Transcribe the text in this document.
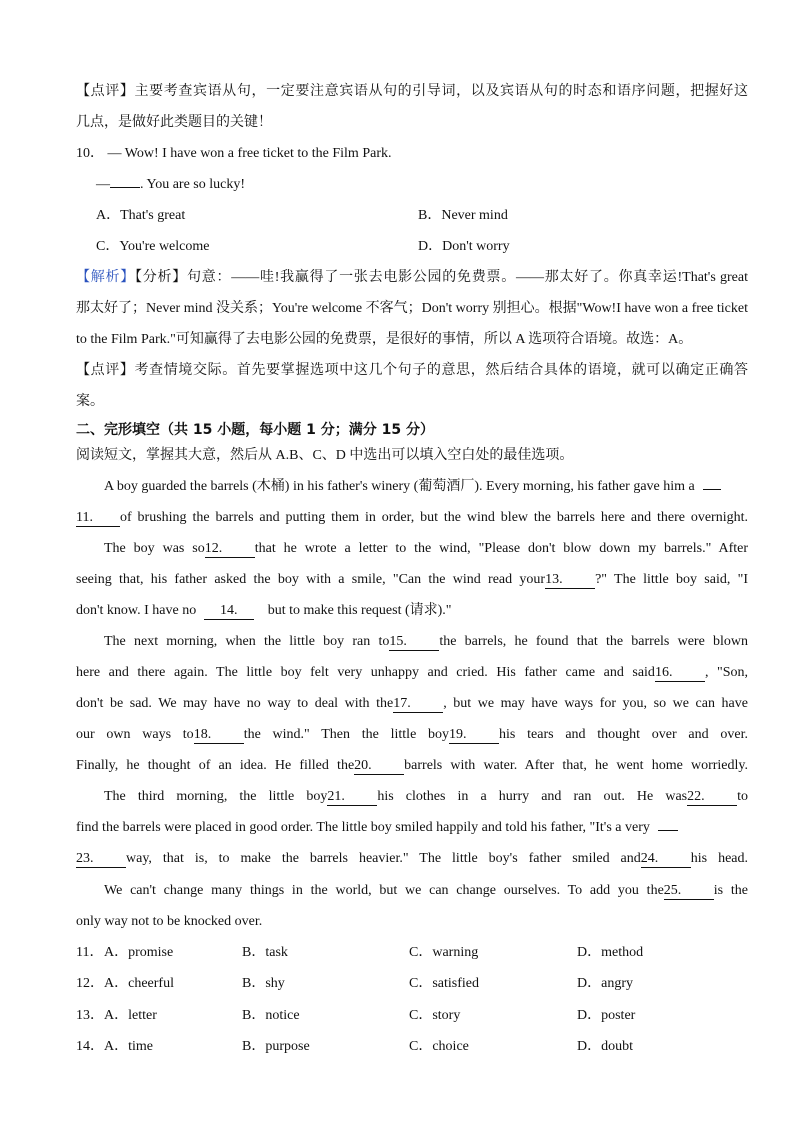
【点评】主要考查宾语从句，一定要注意宾语从句的引导词，以及宾语从句的时态和语序问题，把握好这
几点，是做好此类题目的关键！
10． — Wow! I have won a free ticket to the Film Park.
— . You are so lucky!
A．That's great	B．Never mind
C．You're welcome	D．Don't worry
【解析】【分析】句意：——哇!我赢得了一张去电影公园的免费票。——那太好了。你真幸运!That's great
那太好了；Never mind 没关系；You're welcome 不客气；Don't worry 别担心。根据"Wow!I have won a free ticket
to the Film Park."可知赢得了去电影公园的免费票，是很好的事情，所以 A 选项符合语境。故选：A。
【点评】考查情境交际。首先要掌握选项中这几个句子的意思，然后结合具体的语境，就可以确定正确答
案。
二、完形填空（共 15 小题，每小题 1 分；满分 15 分）
阅读短文，掌握其大意，然后从 A.B、C、D 中选出可以填入空白处的最佳选项。
A boy guarded the barrels (木桶) in his father's winery (葡萄酒厂). Every morning, his father gave him a
11. of brushing the barrels and putting them in order, but the wind blew the barrels here and there overnight.
The boy was so12. that he wrote a letter to the wind, "Please don't blow down my barrels." After
seeing that, his father asked the boy with a smile, "Can the wind read your13. ?" The little boy said, "I
don't know. I have no 14. but to make this request (请求)."
The next morning, when the little boy ran to15. the barrels, he found that the barrels were blown
here and there again. The little boy felt very unhappy and cried. His father came and said16. , "Son,
don't be sad. We may have no way to deal with the17. , but we may have ways for you, so we can have
our own ways to18. the wind." Then the little boy19. his tears and thought over and over.
Finally, he thought of an idea. He filled the20. barrels with water. After that, he went home worriedly.
The third morning, the little boy21. his clothes in a hurry and ran out. He was22. to
find the barrels were placed in good order. The little boy smiled happily and told his father, "It's a very
23. way, that is, to make the barrels heavier." The little boy's father smiled and24. his head.
We can't change many things in the world, but we can change ourselves. To add you the25. is the
only way not to be knocked over.
11． A．promise	B．task	C．warning	D．method
12． A．cheerful	B．shy	C．satisfied	D．angry
13． A．letter	B．notice	C．story	D．poster
14． A．time	B．purpose	C．choice	D．doubt
